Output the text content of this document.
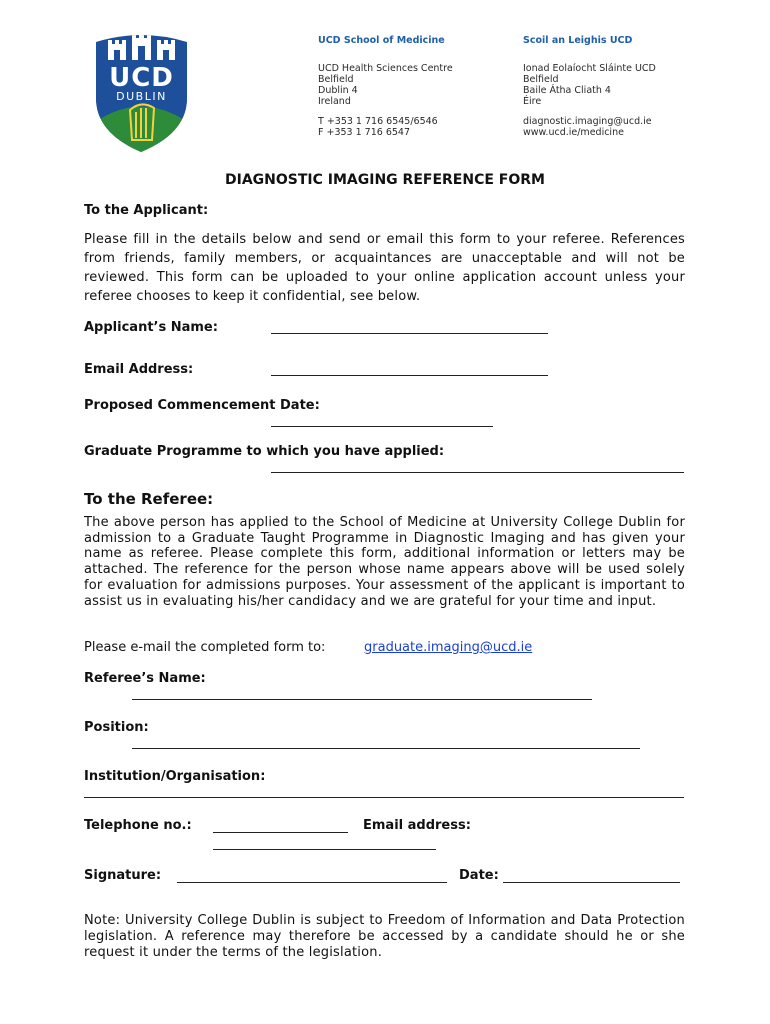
UCD
DUBLIN
UCD School of Medicine
UCD Health Sciences Centre
Belfield
Dublin 4
Ireland
T +353 1 716 6545/6546
F +353 1 716 6547
Scoil an Leighis UCD
Ionad Eolaíocht Sláinte UCD
Belfield
Baile Átha Cliath 4
Éire
diagnostic.imaging@ucd.ie
www.ucd.ie/medicine
DIAGNOSTIC IMAGING REFERENCE FORM
To the Applicant:
Please fill in the details below and send or email this form to your referee. References from friends, family members, or acquaintances are unacceptable and will not be reviewed. This form can be uploaded to your online application account unless your referee chooses to keep it confidential, see below.
Applicant’s Name:
Email Address:
Proposed Commencement Date:
Graduate Programme to which you have applied:
To the Referee:
The above person has applied to the School of Medicine at University College Dublin for admission to a Graduate Taught Programme in Diagnostic Imaging and has given your name as referee. Please complete this form, additional information or letters may be attached. The reference for the person whose name appears above will be used solely for evaluation for admissions purposes. Your assessment of the applicant is important to assist us in evaluating his/her candidacy and we are grateful for your time and input.
Please e-mail the completed form to:	graduate.imaging@ucd.ie
Referee’s Name:
Position:
Institution/Organisation:
Telephone no.:	Email address:
Signature:	Date:
Note: University College Dublin is subject to Freedom of Information and Data Protection legislation. A reference may therefore be accessed by a candidate should he or she request it under the terms of the legislation.
